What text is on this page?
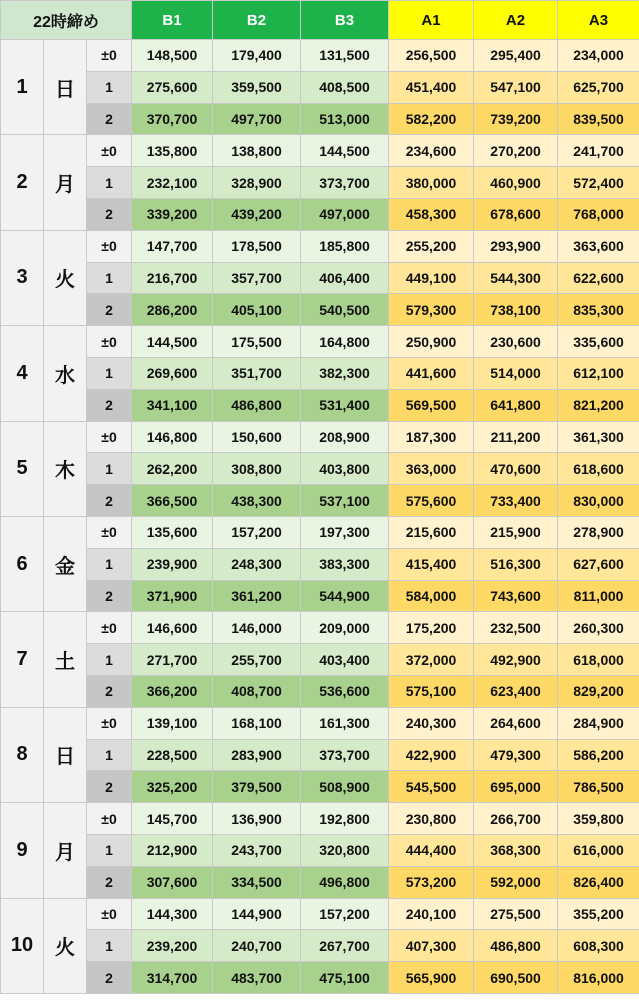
22時締め			B1	B2	B3	A1	A2	A3
1	日	±0	148,500	179,400	131,500	256,500	295,400	234,000
		1	275,600	359,500	408,500	451,400	547,100	625,700
		2	370,700	497,700	513,000	582,200	739,200	839,500
2	月	±0	135,800	138,800	144,500	234,600	270,200	241,700
		1	232,100	328,900	373,700	380,000	460,900	572,400
		2	339,200	439,200	497,000	458,300	678,600	768,000
3	火	±0	147,700	178,500	185,800	255,200	293,900	363,600
		1	216,700	357,700	406,400	449,100	544,300	622,600
		2	286,200	405,100	540,500	579,300	738,100	835,300
4	水	±0	144,500	175,500	164,800	250,900	230,600	335,600
		1	269,600	351,700	382,300	441,600	514,000	612,100
		2	341,100	486,800	531,400	569,500	641,800	821,200
5	木	±0	146,800	150,600	208,900	187,300	211,200	361,300
		1	262,200	308,800	403,800	363,000	470,600	618,600
		2	366,500	438,300	537,100	575,600	733,400	830,000
6	金	±0	135,600	157,200	197,300	215,600	215,900	278,900
		1	239,900	248,300	383,300	415,400	516,300	627,600
		2	371,900	361,200	544,900	584,000	743,600	811,000
7	土	±0	146,600	146,000	209,000	175,200	232,500	260,300
		1	271,700	255,700	403,400	372,000	492,900	618,000
		2	366,200	408,700	536,600	575,100	623,400	829,200
8	日	±0	139,100	168,100	161,300	240,300	264,600	284,900
		1	228,500	283,900	373,700	422,900	479,300	586,200
		2	325,200	379,500	508,900	545,500	695,000	786,500
9	月	±0	145,700	136,900	192,800	230,800	266,700	359,800
		1	212,900	243,700	320,800	444,400	368,300	616,000
		2	307,600	334,500	496,800	573,200	592,000	826,400
10	火	±0	144,300	144,900	157,200	240,100	275,500	355,200
		1	239,200	240,700	267,700	407,300	486,800	608,300
		2	314,700	483,700	475,100	565,900	690,500	816,000
